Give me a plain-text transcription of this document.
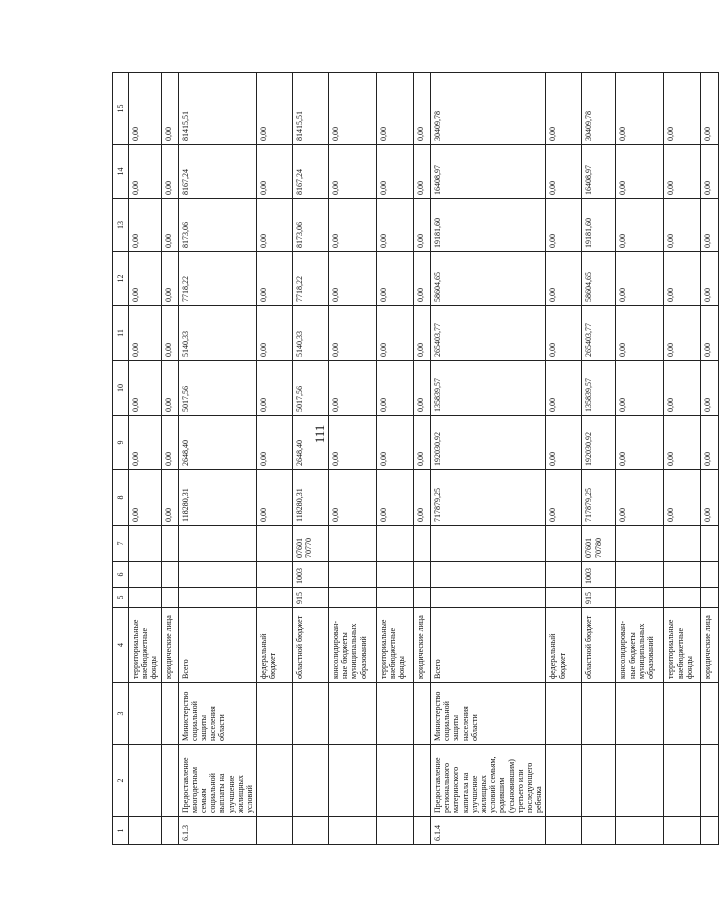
111
1	2	3	4	5	6	7	8	9	10	11	12	13	14	15
			территориальные внебюджетные фонды				0,00	0,00	0,00	0,00	0,00	0,00	0,00	0,00
			юридические лица				0,00	0,00	0,00	0,00	0,00	0,00	0,00	0,00
6.1.3	Предоставление многодетным семьям социальной выплаты на улучшение жилищных условий	Министерство социальной защиты населения области	Всего				118280,31	2648,40	5017,56	5140,33	7718,22	8173,06	8167,24	81415,51
			федеральный бюджет				0,00	0,00	0,00	0,00	0,00	0,00	0,00	0,00
			областной бюджет	915	1003	07601 70770	118280,31	2648,40	5017,56	5140,33	7718,22	8173,06	8167,24	81415,51
			консолидированные бюджеты муниципальных образований				0,00	0,00	0,00	0,00	0,00	0,00	0,00	0,00
			территориальные внебюджетные фонды				0,00	0,00	0,00	0,00	0,00	0,00	0,00	0,00
			юридические лица				0,00	0,00	0,00	0,00	0,00	0,00	0,00	0,00
6.1.4	Предоставление регионального материнского капитала на улучшение жилищных условий семьям, родившим (усыновившим) третьего или последующего ребенка	Министерство социальной защиты населения области	Всего				717879,25	192030,92	135839,57	265403,77	58604,65	19181,60	16408,97	30409,78
			федеральный бюджет				0,00	0,00	0,00	0,00	0,00	0,00	0,00	0,00
			областной бюджет	915	1003	07601 70780	717879,25	192030,92	135839,57	265403,77	58604,65	19181,60	16408,97	30409,78
			консолидированные бюджеты муниципальных образований				0,00	0,00	0,00	0,00	0,00	0,00	0,00	0,00
			территориальные внебюджетные фонды				0,00	0,00	0,00	0,00	0,00	0,00	0,00	0,00
			юридические лица				0,00	0,00	0,00	0,00	0,00	0,00	0,00	0,00
